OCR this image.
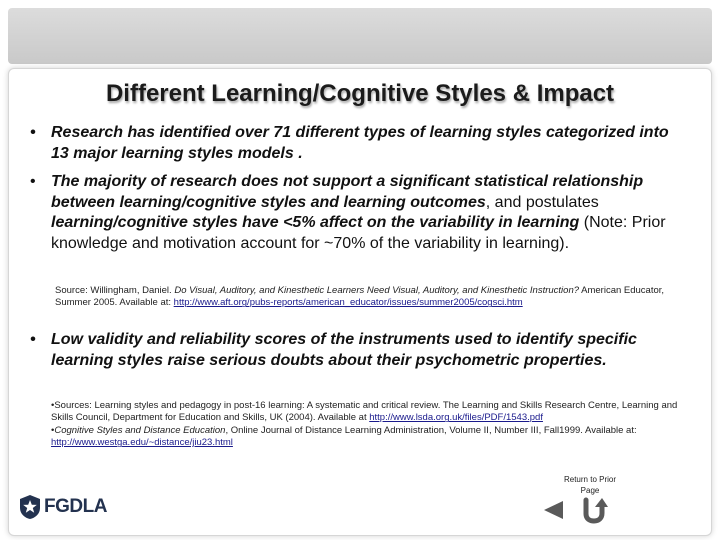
Different Learning/Cognitive Styles & Impact
• Research has identified over 71 different types of learning styles categorized into 13 major learning styles models .
• The majority of research does not support a significant statistical relationship between learning/cognitive styles and learning outcomes, and postulates learning/cognitive styles have <5% affect on the variability in learning (Note: Prior knowledge and motivation account for ~70% of the variability in learning).
Source: Willingham, Daniel. Do Visual, Auditory, and Kinesthetic Learners Need Visual, Auditory, and Kinesthetic Instruction? American Educator, Summer 2005. Available at: http://www.aft.org/pubs-reports/american_educator/issues/summer2005/cogsci.htm
• Low validity and reliability scores of the instruments used to identify specific learning styles raise serious doubts about their psychometric properties.
•Sources: Learning styles and pedagogy in post-16 learning: A systematic and critical review. The Learning and Skills Research Centre, Learning and Skills Council, Department for Education and Skills, UK (2004). Available at http://www.lsda.org.uk/files/PDF/1543.pdf
•Cognitive Styles and Distance Education, Online Journal of Distance Learning Administration, Volume II, Number III, Fall1999. Available at: http://www.westga.edu/~distance/jiu23.html
FGDLA
Return to Prior Page
